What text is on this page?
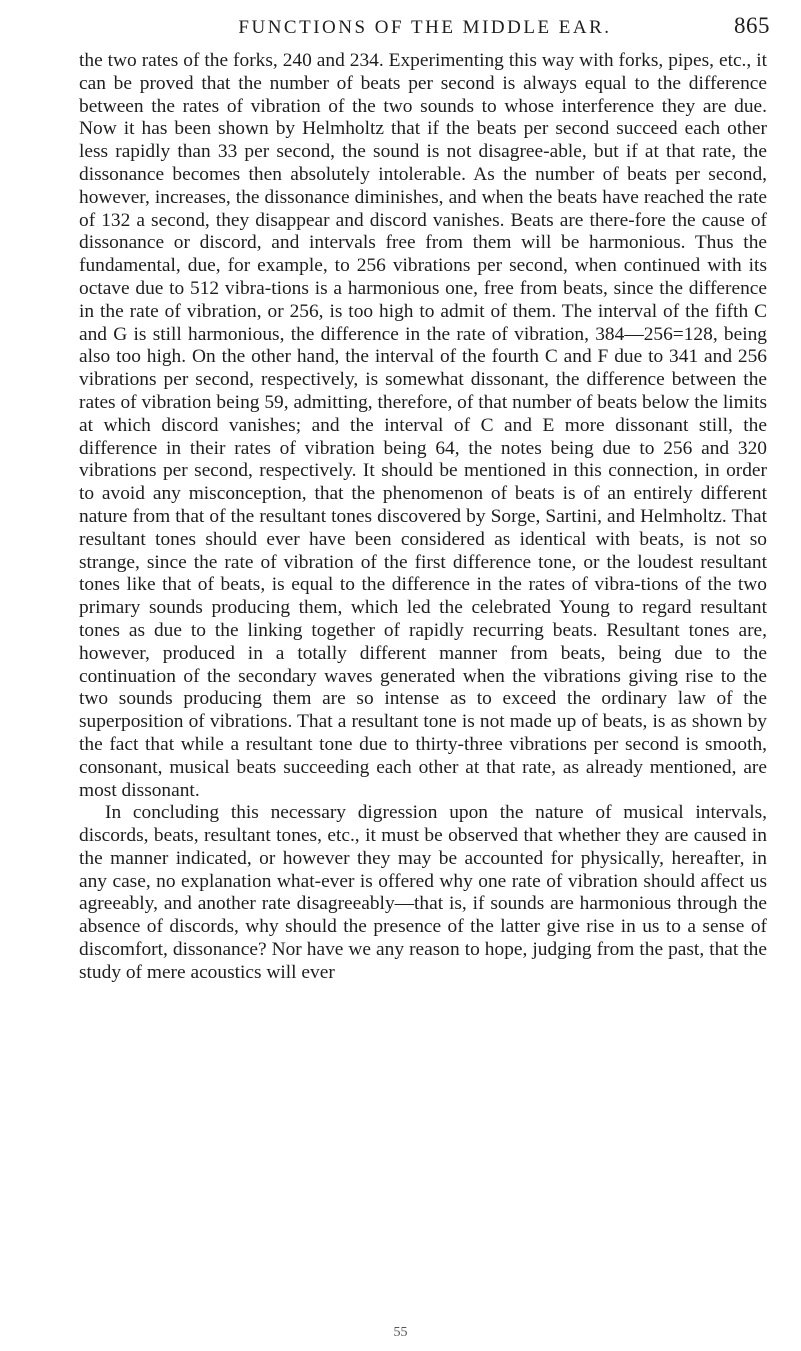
FUNCTIONS OF THE MIDDLE EAR.	865

the two rates of the forks, 240 and 234. Experimenting this way with forks, pipes, etc., it can be proved that the number of beats per second is always equal to the difference between the rates of vibration of the two sounds to whose interference they are due. Now it has been shown by Helmholtz that if the beats per second succeed each other less rapidly than 33 per second, the sound is not disagree-able, but if at that rate, the dissonance becomes then absolutely intolerable. As the number of beats per second, however, increases, the dissonance diminishes, and when the beats have reached the rate of 132 a second, they disappear and discord vanishes. Beats are there-fore the cause of dissonance or discord, and intervals free from them will be harmonious. Thus the fundamental, due, for example, to 256 vibrations per second, when continued with its octave due to 512 vibra-tions is a harmonious one, free from beats, since the difference in the rate of vibration, or 256, is too high to admit of them. The interval of the fifth C and G is still harmonious, the difference in the rate of vibration, 384—256=128, being also too high. On the other hand, the interval of the fourth C and F due to 341 and 256 vibrations per second, respectively, is somewhat dissonant, the difference between the rates of vibration being 59, admitting, therefore, of that number of beats below the limits at which discord vanishes; and the interval of C and E more dissonant still, the difference in their rates of vibration being 64, the notes being due to 256 and 320 vibrations per second, respectively. It should be mentioned in this connection, in order to avoid any misconception, that the phenomenon of beats is of an entirely different nature from that of the resultant tones discovered by Sorge, Sartini, and Helmholtz. That resultant tones should ever have been considered as identical with beats, is not so strange, since the rate of vibration of the first difference tone, or the loudest resultant tones like that of beats, is equal to the difference in the rates of vibra-tions of the two primary sounds producing them, which led the celebrated Young to regard resultant tones as due to the linking together of rapidly recurring beats. Resultant tones are, however, produced in a totally different manner from beats, being due to the continuation of the secondary waves generated when the vibrations giving rise to the two sounds producing them are so intense as to exceed the ordinary law of the superposition of vibrations. That a resultant tone is not made up of beats, is as shown by the fact that while a resultant tone due to thirty-three vibrations per second is smooth, consonant, musical beats succeeding each other at that rate, as already mentioned, are most dissonant.

In concluding this necessary digression upon the nature of musical intervals, discords, beats, resultant tones, etc., it must be observed that whether they are caused in the manner indicated, or however they may be accounted for physically, hereafter, in any case, no explanation what-ever is offered why one rate of vibration should affect us agreeably, and another rate disagreeably—that is, if sounds are harmonious through the absence of discords, why should the presence of the latter give rise in us to a sense of discomfort, dissonance? Nor have we any reason to hope, judging from the past, that the study of mere acoustics will ever

55
